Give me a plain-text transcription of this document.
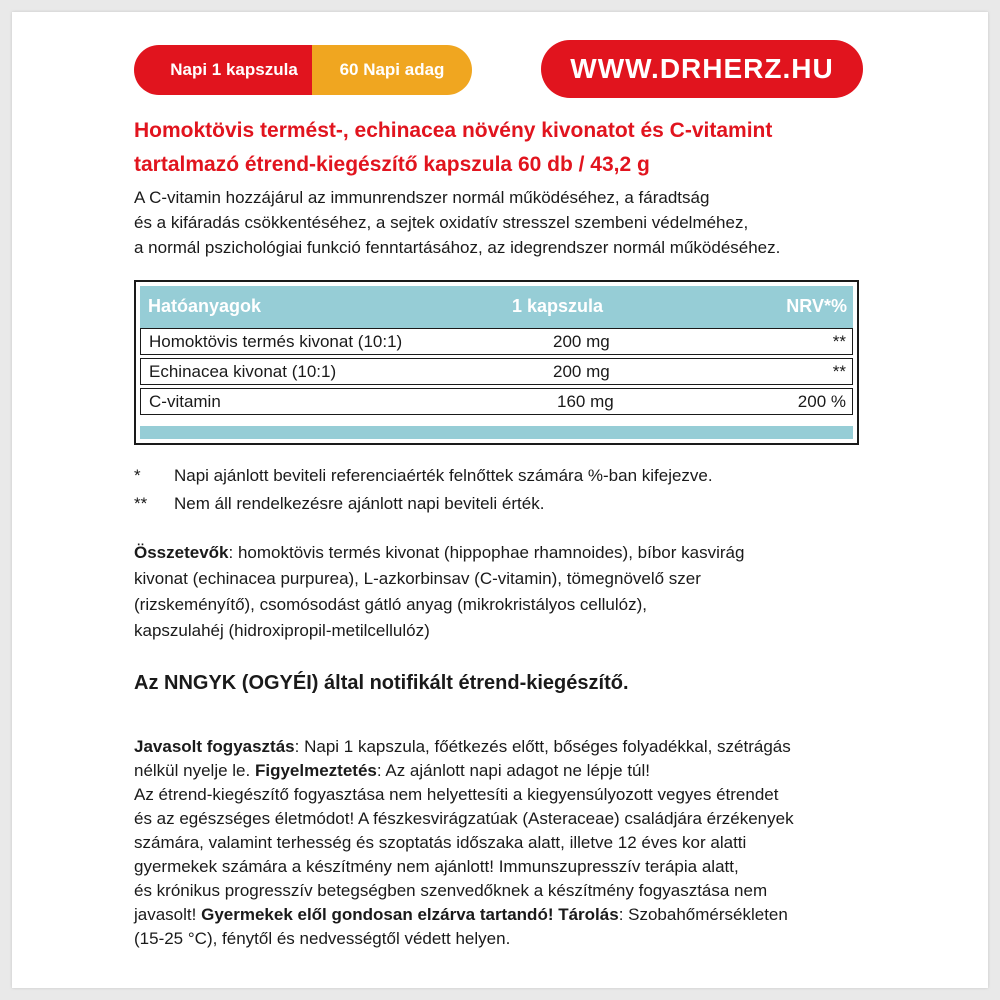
Napi 1 kapszula	60 Napi adag	WWW.DRHERZ.HU
Homoktövis termést-, echinacea növény kivonatot és C-vitamint
tartalmazó étrend-kiegészítő kapszula 60 db / 43,2 g
A C-vitamin hozzájárul az immunrendszer normál működéséhez, a fáradtság
és a kifáradás csökkentéséhez, a sejtek oxidatív stresszel szembeni védelméhez,
a normál pszichológiai funkció fenntartásához, az idegrendszer normál működéséhez.
Hatóanyagok	1 kapszula	NRV*%
Homoktövis termés kivonat (10:1)	200 mg	**
Echinacea kivonat (10:1)	200 mg	**
C-vitamin	160 mg	200 %
* Napi ajánlott beviteli referenciaérték felnőttek számára %-ban kifejezve.
** Nem áll rendelkezésre ajánlott napi beviteli érték.
Összetevők: homoktövis termés kivonat (hippophae rhamnoides), bíbor kasvirág
kivonat (echinacea purpurea), L-azkorbinsav (C-vitamin), tömegnövelő szer
(rizskeményítő), csomósodást gátló anyag (mikrokristályos cellulóz),
kapszulahéj (hidroxipropil-metilcellulóz)
Az NNGYK (OGYÉI) által notifikált étrend-kiegészítő.
Javasolt fogyasztás: Napi 1 kapszula, főétkezés előtt, bőséges folyadékkal, szétrágás
nélkül nyelje le. Figyelmeztetés: Az ajánlott napi adagot ne lépje túl!
Az étrend-kiegészítő fogyasztása nem helyettesíti a kiegyensúlyozott vegyes étrendet
és az egészséges életmódot! A fészkesvirágzatúak (Asteraceae) családjára érzékenyek
számára, valamint terhesség és szoptatás időszaka alatt, illetve 12 éves kor alatti
gyermekek számára a készítmény nem ajánlott! Immunszupresszív terápia alatt,
és krónikus progresszív betegségben szenvedőknek a készítmény fogyasztása nem
javasolt! Gyermekek elől gondosan elzárva tartandó! Tárolás: Szobahőmérsékleten
(15-25 °C), fénytől és nedvességtől védett helyen.
